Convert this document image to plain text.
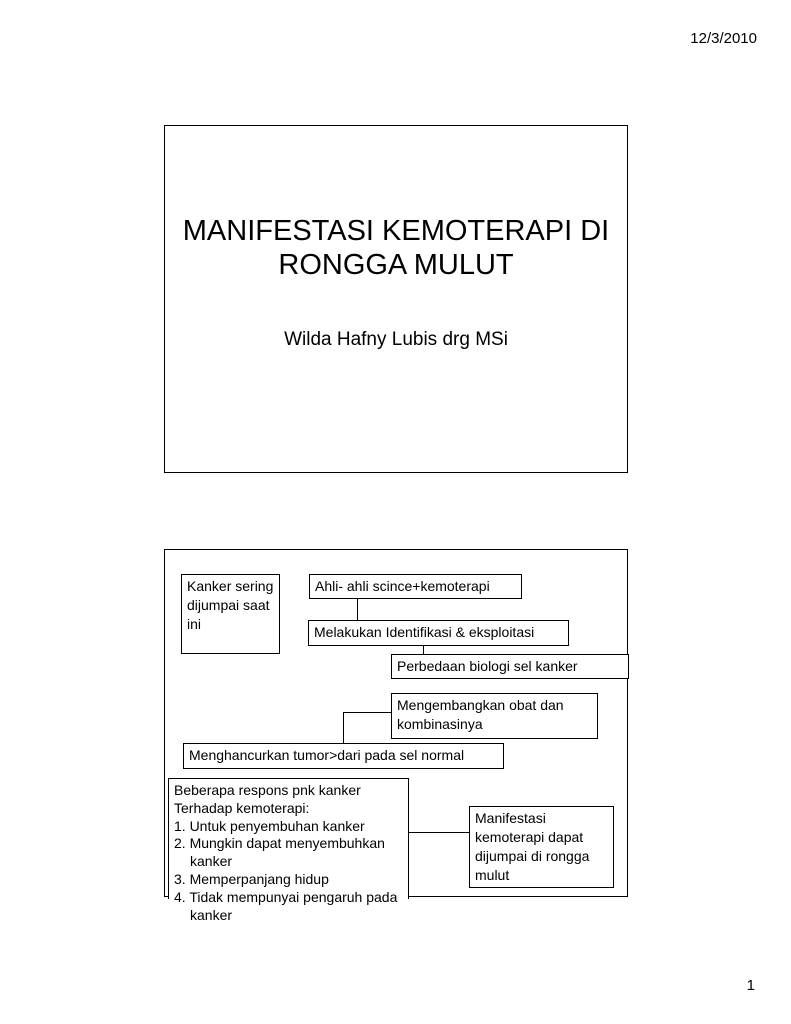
12/3/2010
MANIFESTASI KEMOTERAPI DI
RONGGA MULUT
Wilda Hafny Lubis drg MSi
Kanker sering dijumpai saat ini
Ahli- ahli scince+kemoterapi
Melakukan Identifikasi & eksploitasi
Perbedaan biologi sel kanker
Mengembangkan obat dan kombinasinya
Menghancurkan tumor>dari pada sel normal
Beberapa respons pnk kanker
Terhadap kemoterapi:
1. Untuk penyembuhan kanker
2. Mungkin dapat menyembuhkan kanker
3. Memperpanjang hidup
4. Tidak mempunyai pengaruh pada kanker
Manifestasi kemoterapi dapat dijumpai di rongga mulut
1
